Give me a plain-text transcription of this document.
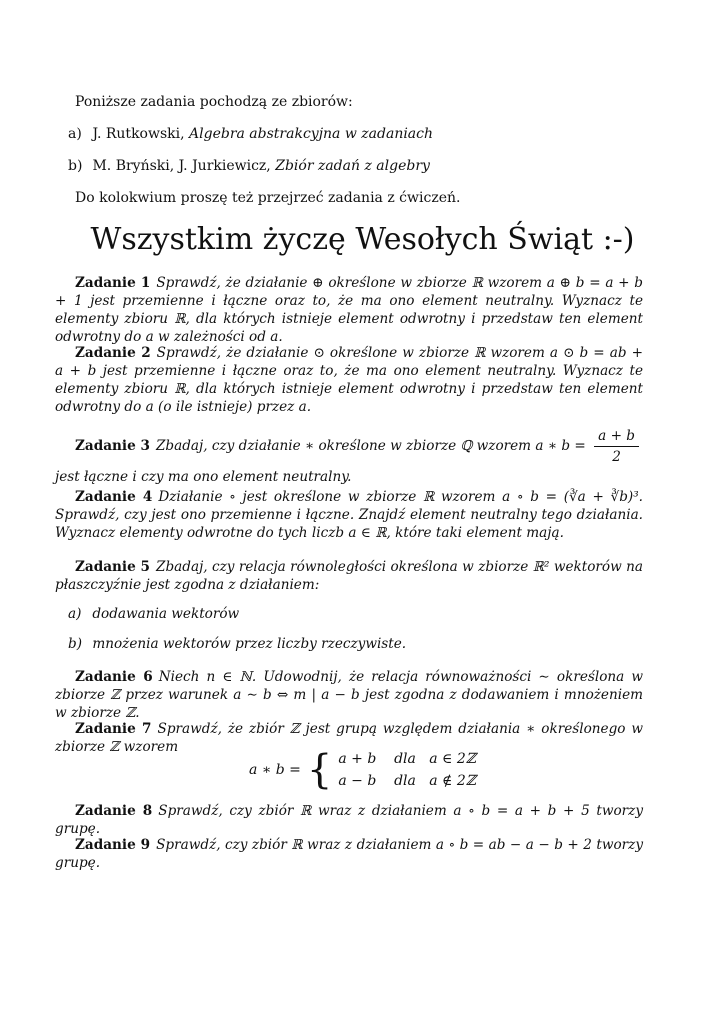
Poniższe zadania pochodzą ze zbiorów:
a) J. Rutkowski, Algebra abstrakcyjna w zadaniach
b) M. Bryński, J. Jurkiewicz, Zbiór zadań z algebry
Do kolokwium proszę też przejrzeć zadania z ćwiczeń.
Wszystkim życzę Wesołych Świąt :-)
Zadanie 1 Sprawdź, że działanie ⊕ określone w zbiorze ℝ wzorem a ⊕ b = a + b + 1 jest przemienne i łączne oraz to, że ma ono element neutralny. Wyznacz te elementy zbioru ℝ, dla których istnieje element odwrotny i przedstaw ten element odwrotny do a w zależności od a.
Zadanie 2 Sprawdź, że działanie ⊙ określone w zbiorze ℝ wzorem a ⊙ b = ab + a + b jest przemienne i łączne oraz to, że ma ono element neutralny. Wyznacz te elementy zbioru ℝ, dla których istnieje element odwrotny i przedstaw ten element odwrotny do a (o ile istnieje) przez a.
Zadanie 3 Zbadaj, czy działanie ∗ określone w zbiorze ℚ wzorem a ∗ $b = \frac{a + b}{2}$
jest łączne i czy ma ono element neutralny.
Zadanie 4 Działanie ∘ jest określone w zbiorze ℝ wzorem a ∘ b = (∛a + ∛b)³. Sprawdź, czy jest ono przemienne i łączne. Znajdź element neutralny tego działania. Wyznacz elementy odwrotne do tych liczb a ∈ ℝ, które taki element mają.
Zadanie 5 Zbadaj, czy relacja równoległości określona w zbiorze ℝ² wektorów na płaszczyźnie jest zgodna z działaniem:
a) dodawania wektorów
b) mnożenia wektorów przez liczby rzeczywiste.
Zadanie 6 Niech n ∈ ℕ. Udowodnij, że relacja równoważności ∼ określona w zbiorze ℤ przez warunek a ∼ b ⇔ m | a − b jest zgodna z dodawaniem i mnożeniem w zbiorze ℤ.
Zadanie 7 Sprawdź, że zbiór ℤ jest grupą względem działania ∗ określonego w zbiorze ℤ wzorem
a ∗ b = { a + b    dla   a ∈ 2ℤ
a − b    dla   a ∉ 2ℤ
Zadanie 8 Sprawdź, czy zbiór ℝ wraz z działaniem a ∘ b = a + b + 5 tworzy grupę.
Zadanie 9 Sprawdź, czy zbiór ℝ wraz z działaniem a ∘ b = ab − a − b + 2 tworzy grupę.
